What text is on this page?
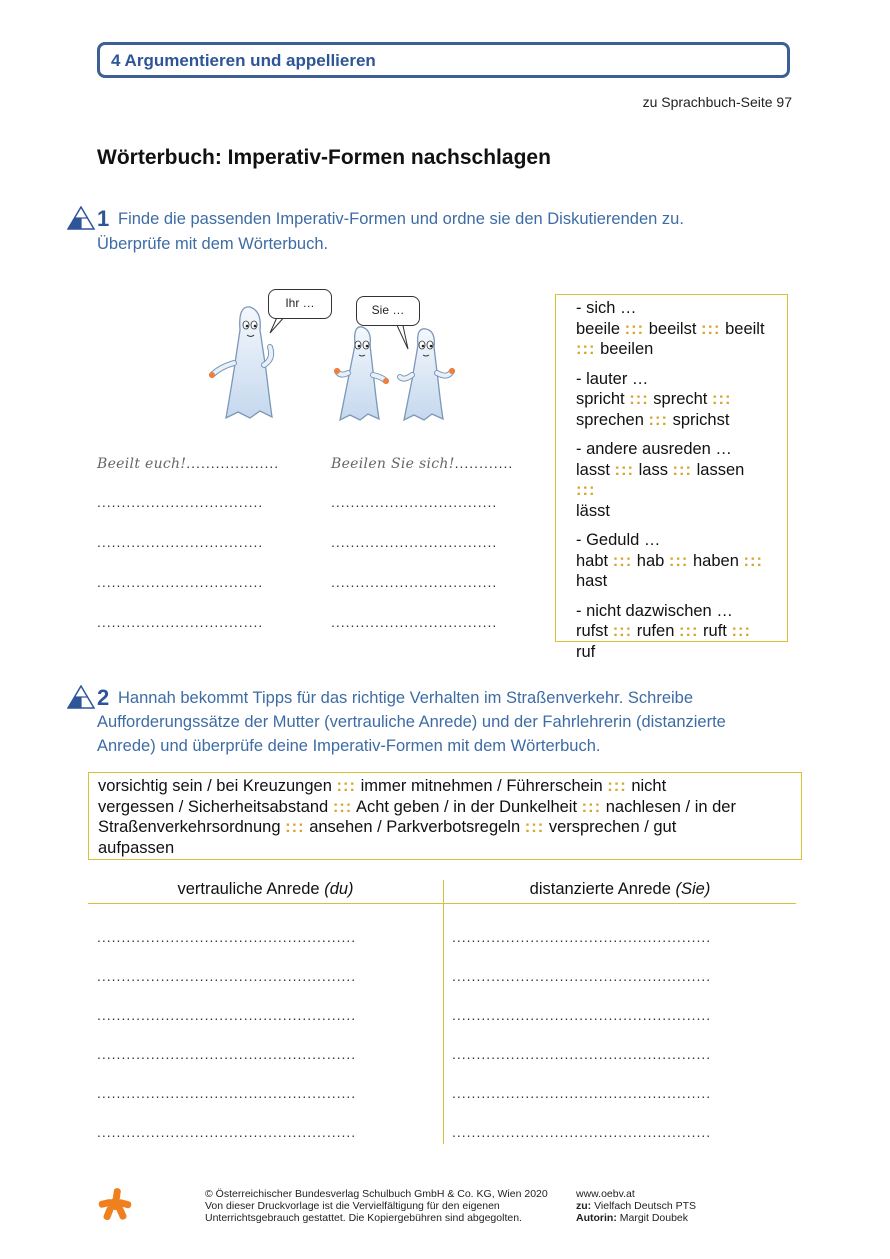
4 Argumentieren und appellieren
zu Sprachbuch-Seite 97
Wörterbuch: Imperativ-Formen nachschlagen
1 Finde die passenden Imperativ-Formen und ordne sie den Diskutierenden zu.
Überprüfe mit dem Wörterbuch.
Ihr …	Sie …
Beeilt euch!...................	Beeilen Sie sich!............
..................................	..................................
..................................	..................................
..................................	..................................
..................................	..................................
- sich …
beeile ::: beeilst ::: beeilt
::: beeilen
- lauter …
spricht ::: sprecht :::
sprechen ::: sprichst
- andere ausreden …
lasst ::: lass ::: lassen :::
lässt
- Geduld …
habt ::: hab ::: haben :::
hast
- nicht dazwischen …
rufst ::: rufen ::: ruft :::
ruf
2 Hannah bekommt Tipps für das richtige Verhalten im Straßenverkehr. Schreibe
Aufforderungssätze der Mutter (vertrauliche Anrede) und der Fahrlehrerin (distanzierte
Anrede) und überprüfe deine Imperativ-Formen mit dem Wörterbuch.
vorsichtig sein / bei Kreuzungen ::: immer mitnehmen / Führerschein ::: nicht
vergessen / Sicherheitsabstand ::: Acht geben / in der Dunkelheit ::: nachlesen / in der
Straßenverkehrsordnung ::: ansehen / Parkverbotsregeln ::: versprechen / gut
aufpassen
vertrauliche Anrede (du)	distanzierte Anrede (Sie)
.....................................................	.....................................................
.....................................................	.....................................................
.....................................................	.....................................................
.....................................................	.....................................................
.....................................................	.....................................................
.....................................................	.....................................................
© Österreichischer Bundesverlag Schulbuch GmbH & Co. KG, Wien 2020
Von dieser Druckvorlage ist die Vervielfältigung für den eigenen
Unterrichtsgebrauch gestattet. Die Kopiergebühren sind abgegolten.
www.oebv.at
zu: Vielfach Deutsch PTS
Autorin: Margit Doubek
